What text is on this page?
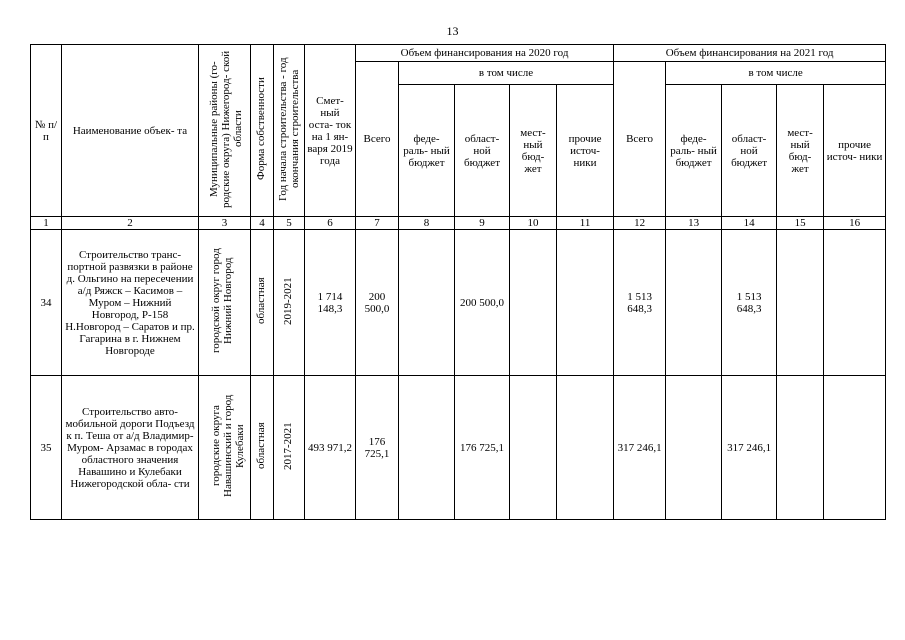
13
№ п/п	Наименование объек- та	Муниципальные районы (го- родские округа) Нижегород- ской области	Форма собственности	Год начала строительства - год окончания строительства	Смет- ный оста- ток на 1 ян- варя 2019 года	Объем финансирования на 2020 год					Объем финансирования на 2021 год				
						Всего	в том числе				Всего	в том числе			
							феде- раль- ный бюджет	област- ной бюджет	мест- ный бюд- жет	прочие источ- ники		феде- раль- ный бюджет	област- ной бюджет	мест- ный бюд- жет	прочие источ- ники
1	2	3	4	5	6	7	8	9	10	11	12	13	14	15	16
34	Строительство транс- портной развязки в районе д. Ольгино на пересечении а/д Ряжск – Касимов – Муром – Нижний Новгород, Р-158 Н.Новгород – Саратов и пр. Гагарина в г. Нижнем Новгороде	городской округ город Нижний Новгород	областная	2019-2021	1 714 148,3	200 500,0		200 500,0			1 513 648,3		1 513 648,3		
35	Строительство авто- мобильной дороги Подъезд к п. Теша от а/д Владимир-Муром- Арзамас в городах областного значения Навашино и Кулебаки Нижегородской обла- сти	городские округа Навашинский и город Кулебаки	областная	2017-2021	493 971,2	176 725,1		176 725,1			317 246,1		317 246,1		
